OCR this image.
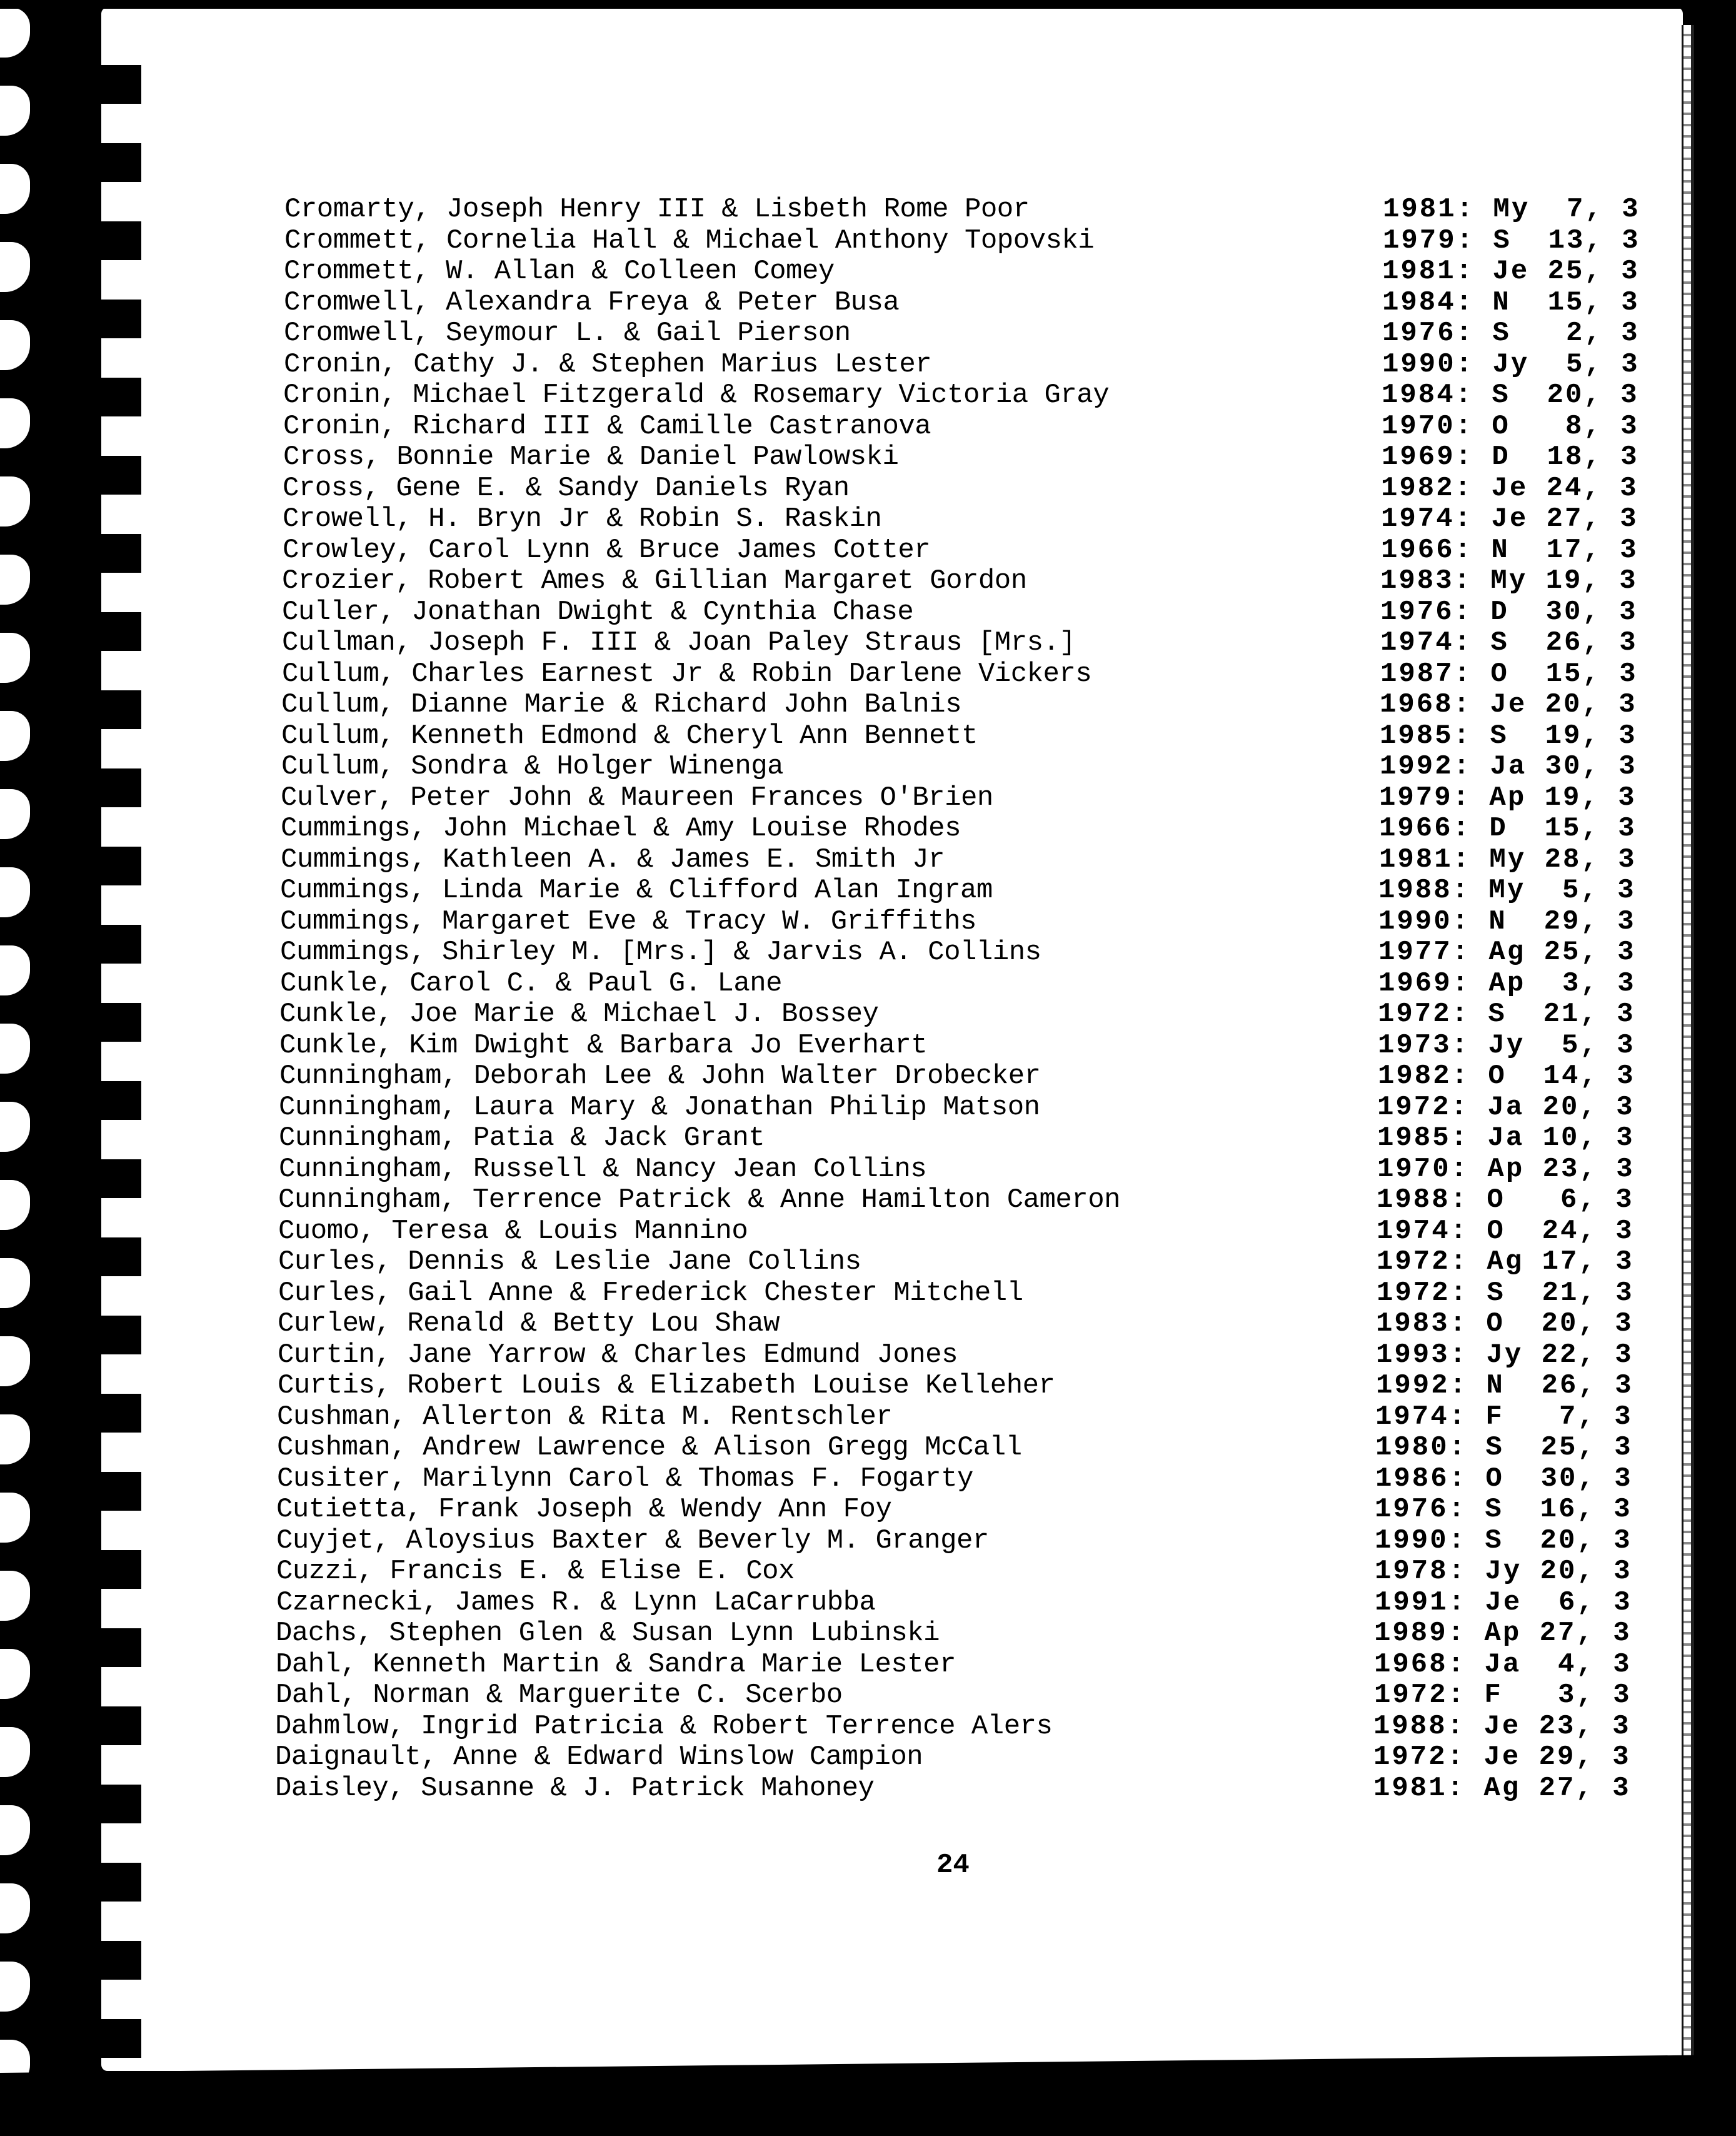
Cromarty, Joseph Henry III & Lisbeth Rome Poor	1981: My  7, 3
Crommett, Cornelia Hall & Michael Anthony Topovski	1979: S  13, 3
Crommett, W. Allan & Colleen Comey	1981: Je 25, 3
Cromwell, Alexandra Freya & Peter Busa	1984: N  15, 3
Cromwell, Seymour L. & Gail Pierson	1976: S   2, 3
Cronin, Cathy J. & Stephen Marius Lester	1990: Jy  5, 3
Cronin, Michael Fitzgerald & Rosemary Victoria Gray	1984: S  20, 3
Cronin, Richard III & Camille Castranova	1970: O   8, 3
Cross, Bonnie Marie & Daniel Pawlowski	1969: D  18, 3
Cross, Gene E. & Sandy Daniels Ryan	1982: Je 24, 3
Crowell, H. Bryn Jr & Robin S. Raskin	1974: Je 27, 3
Crowley, Carol Lynn & Bruce James Cotter	1966: N  17, 3
Crozier, Robert Ames & Gillian Margaret Gordon	1983: My 19, 3
Culler, Jonathan Dwight & Cynthia Chase	1976: D  30, 3
Cullman, Joseph F. III & Joan Paley Straus [Mrs.]	1974: S  26, 3
Cullum, Charles Earnest Jr & Robin Darlene Vickers	1987: O  15, 3
Cullum, Dianne Marie & Richard John Balnis	1968: Je 20, 3
Cullum, Kenneth Edmond & Cheryl Ann Bennett	1985: S  19, 3
Cullum, Sondra & Holger Winenga	1992: Ja 30, 3
Culver, Peter John & Maureen Frances O'Brien	1979: Ap 19, 3
Cummings, John Michael & Amy Louise Rhodes	1966: D  15, 3
Cummings, Kathleen A. & James E. Smith Jr	1981: My 28, 3
Cummings, Linda Marie & Clifford Alan Ingram	1988: My  5, 3
Cummings, Margaret Eve & Tracy W. Griffiths	1990: N  29, 3
Cummings, Shirley M. [Mrs.] & Jarvis A. Collins	1977: Ag 25, 3
Cunkle, Carol C. & Paul G. Lane	1969: Ap  3, 3
Cunkle, Joe Marie & Michael J. Bossey	1972: S  21, 3
Cunkle, Kim Dwight & Barbara Jo Everhart	1973: Jy  5, 3
Cunningham, Deborah Lee & John Walter Drobecker	1982: O  14, 3
Cunningham, Laura Mary & Jonathan Philip Matson	1972: Ja 20, 3
Cunningham, Patia & Jack Grant	1985: Ja 10, 3
Cunningham, Russell & Nancy Jean Collins	1970: Ap 23, 3
Cunningham, Terrence Patrick & Anne Hamilton Cameron	1988: O   6, 3
Cuomo, Teresa & Louis Mannino	1974: O  24, 3
Curles, Dennis & Leslie Jane Collins	1972: Ag 17, 3
Curles, Gail Anne & Frederick Chester Mitchell	1972: S  21, 3
Curlew, Renald & Betty Lou Shaw	1983: O  20, 3
Curtin, Jane Yarrow & Charles Edmund Jones	1993: Jy 22, 3
Curtis, Robert Louis & Elizabeth Louise Kelleher	1992: N  26, 3
Cushman, Allerton & Rita M. Rentschler	1974: F   7, 3
Cushman, Andrew Lawrence & Alison Gregg McCall	1980: S  25, 3
Cusiter, Marilynn Carol & Thomas F. Fogarty	1986: O  30, 3
Cutietta, Frank Joseph & Wendy Ann Foy	1976: S  16, 3
Cuyjet, Aloysius Baxter & Beverly M. Granger	1990: S  20, 3
Cuzzi, Francis E. & Elise E. Cox	1978: Jy 20, 3
Czarnecki, James R. & Lynn LaCarrubba	1991: Je  6, 3
Dachs, Stephen Glen & Susan Lynn Lubinski	1989: Ap 27, 3
Dahl, Kenneth Martin & Sandra Marie Lester	1968: Ja  4, 3
Dahl, Norman & Marguerite C. Scerbo	1972: F   3, 3
Dahmlow, Ingrid Patricia & Robert Terrence Alers	1988: Je 23, 3
Daignault, Anne & Edward Winslow Campion	1972: Je 29, 3
Daisley, Susanne & J. Patrick Mahoney	1981: Ag 27, 3
24
